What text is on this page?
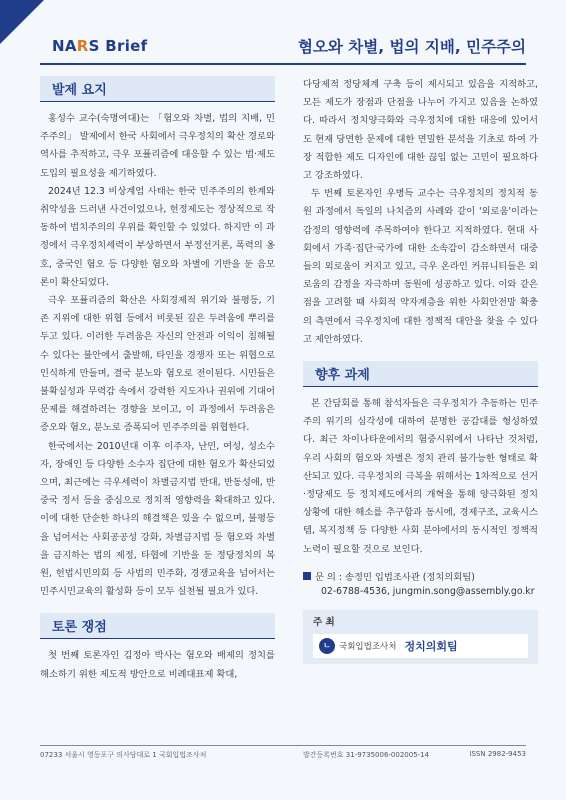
NARS Brief	혐오와 차별, 법의 지배, 민주주의
발제 요지

홍성수 교수(숙명여대)는 「혐오와 차별, 법의 지배, 민주주의」 발제에서 한국 사회에서 극우정치의 확산 경로와 역사를 추적하고, 극우 포퓰리즘에 대응할 수 있는 법·제도 도입의 필요성을 제기하였다.

2024년 12.3 비상계엄 사태는 한국 민주주의의 한계와 취약성을 드러낸 사건이었으나, 헌정제도는 정상적으로 작동하여 법치주의의 우위를 확인할 수 있었다. 하지만 이 과정에서 극우정치세력이 부상하면서 부정선거론, 폭력의 옹호, 중국인 혐오 등 다양한 혐오와 차별에 기반을 둔 음모론이 확산되었다.

극우 포퓰리즘의 확산은 사회경제적 위기와 불평등, 기존 지위에 대한 위협 등에서 비롯된 깊은 두려움에 뿌리를 두고 있다. 이러한 두려움은 자신의 안전과 이익이 침해될 수 있다는 불안에서 출발해, 타인을 경쟁자 또는 위협으로 인식하게 만들며, 결국 분노와 혐오로 전이된다. 시민들은 불확실성과 무력감 속에서 강력한 지도자나 권위에 기대어 문제를 해결하려는 경향을 보이고, 이 과정에서 두려움은 증오와 혐오, 분노로 증폭되어 민주주의를 위협한다.

한국에서는 2010년대 이후 이주자, 난민, 여성, 성소수자, 장애인 등 다양한 소수자 집단에 대한 혐오가 확산되었으며, 최근에는 극우세력이 차별금지법 반대, 반동성애, 반중국 정서 등을 중심으로 정치적 영향력을 확대하고 있다. 이에 대한 단순한 하나의 해결책은 있을 수 없으며, 불평등을 넘어서는 사회공공성 강화, 차별금지법 등 혐오와 차별을 금지하는 법의 제정, 타협에 기반을 둔 정당정치의 복원, 헌법시민의회 등 사법의 민주화, 경쟁교육을 넘어서는 민주시민교육의 활성화 등이 모두 실천될 필요가 있다.

토론 쟁점

첫 번째 토론자인 김정아 박사는 혐오와 배제의 정치를 해소하기 위한 제도적 방안으로 비례대표제 확대,

다당제적 정당체계 구축 등이 제시되고 있음을 지적하고, 모든 제도가 장점과 단점을 나누어 가지고 있음을 논하였다. 따라서 정치양극화와 극우정치에 대한 대응에 있어서도 현재 당면한 문제에 대한 면밀한 분석을 기초로 하여 가장 적합한 제도 디자인에 대한 끊임 없는 고민이 필요하다고 강조하였다.

두 번째 토론자인 우병득 교수는 극우정치의 정치적 동원 과정에서 독일의 나치즘의 사례와 같이 '외로움'이라는 감정의 영향력에 주목하여야 한다고 지적하였다. 현대 사회에서 가족·집단·국가에 대한 소속감이 감소하면서 대중들의 외로움이 커지고 있고, 극우 온라인 커뮤니티들은 외로움의 감정을 자극하며 동원에 성공하고 있다. 이와 같은 점을 고려할 때 사회적 약자계층을 위한 사회안전망 확충의 측면에서 극우정치에 대한 정책적 대안을 찾을 수 있다고 제안하였다.

향후 과제

본 간담회를 통해 참석자들은 극우정치가 추동하는 민주주의 위기의 심각성에 대하여 분명한 공감대를 형성하였다. 최근 차이나타운에서의 혐중시위에서 나타난 것처럼, 우리 사회의 혐오와 차별은 정치 관리 불가능한 형태로 확산되고 있다. 극우정치의 극복을 위해서는 1차적으로 선거·정당제도 등 정치제도에서의 개혁을 통해 양극화된 정치상황에 대한 해소를 추구함과 동시에, 경제구조, 교육시스템, 복지정책 등 다양한 사회 분야에서의 동시적인 정책적 노력이 필요할 것으로 보인다.

문 의 : 송정민 입법조사관 (정치의회팀)
02-6788-4536, jungmin.song@assembly.go.kr
주 최
ㄴ 국회입법조사처 정치의회팀
07233 서울시 영등포구 의사당대로 1 국회입법조사처	발간등록번호 31-9735006-002005-14	ISSN 2982-9453
